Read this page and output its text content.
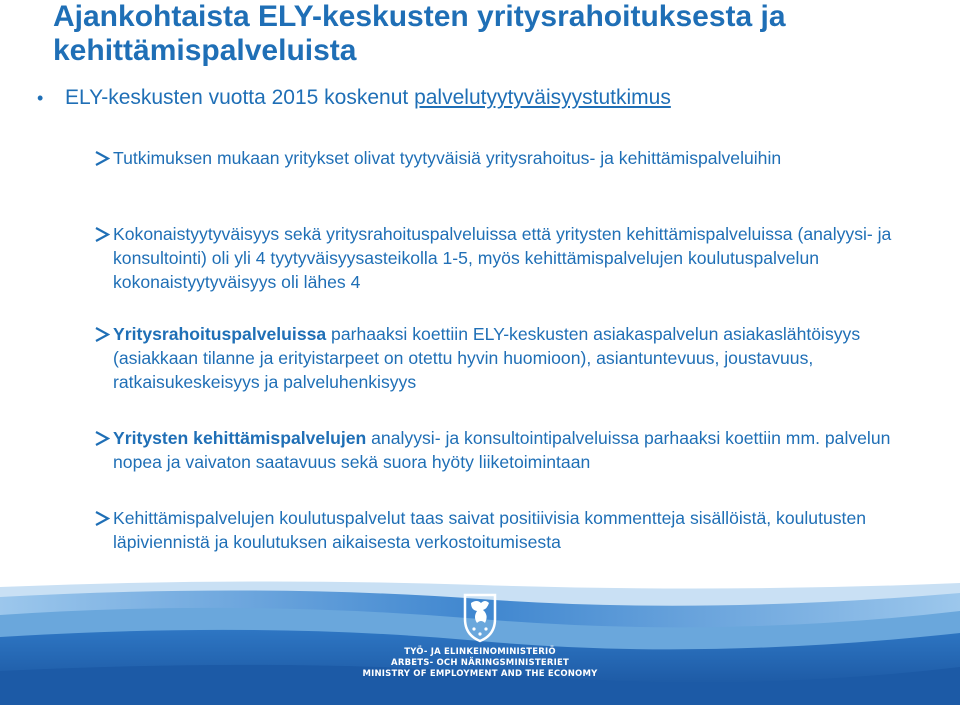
Ajankohtaista ELY-keskusten yritysrahoituksesta ja kehittämispalveluista
•	ELY-keskusten vuotta 2015 koskenut palvelutyytyväisyystutkimus
Tutkimuksen mukaan yritykset olivat tyytyväisiä yritysrahoitus- ja kehittämispalveluihin
Kokonaistyytyväisyys sekä yritysrahoituspalveluissa että yritysten kehittämispalveluissa (analyysi- ja konsultointi) oli yli 4 tyytyväisyysasteikolla 1-5, myös kehittämispalvelujen koulutuspalvelun kokonaistyytyväisyys oli lähes 4
Yritysrahoituspalveluissa parhaaksi koettiin ELY-keskusten asiakaspalvelun asiakaslähtöisyys (asiakkaan tilanne ja erityistarpeet on otettu hyvin huomioon), asiantuntevuus, joustavuus, ratkaisukeskeisyys ja palveluhenkisyys
Yritysten kehittämispalvelujen analyysi- ja konsultointipalveluissa parhaaksi koettiin mm. palvelun nopea ja vaivaton saatavuus sekä suora hyöty liiketoimintaan
Kehittämispalvelujen koulutuspalvelut taas saivat positiivisia kommentteja sisällöistä, koulutusten läpiviennistä ja koulutuksen aikaisesta verkostoitumisesta
TYÖ- JA ELINKEINOMINISTERIÖ
ARBETS- OCH NÄRINGSMINISTERIET
MINISTRY OF EMPLOYMENT AND THE ECONOMY
